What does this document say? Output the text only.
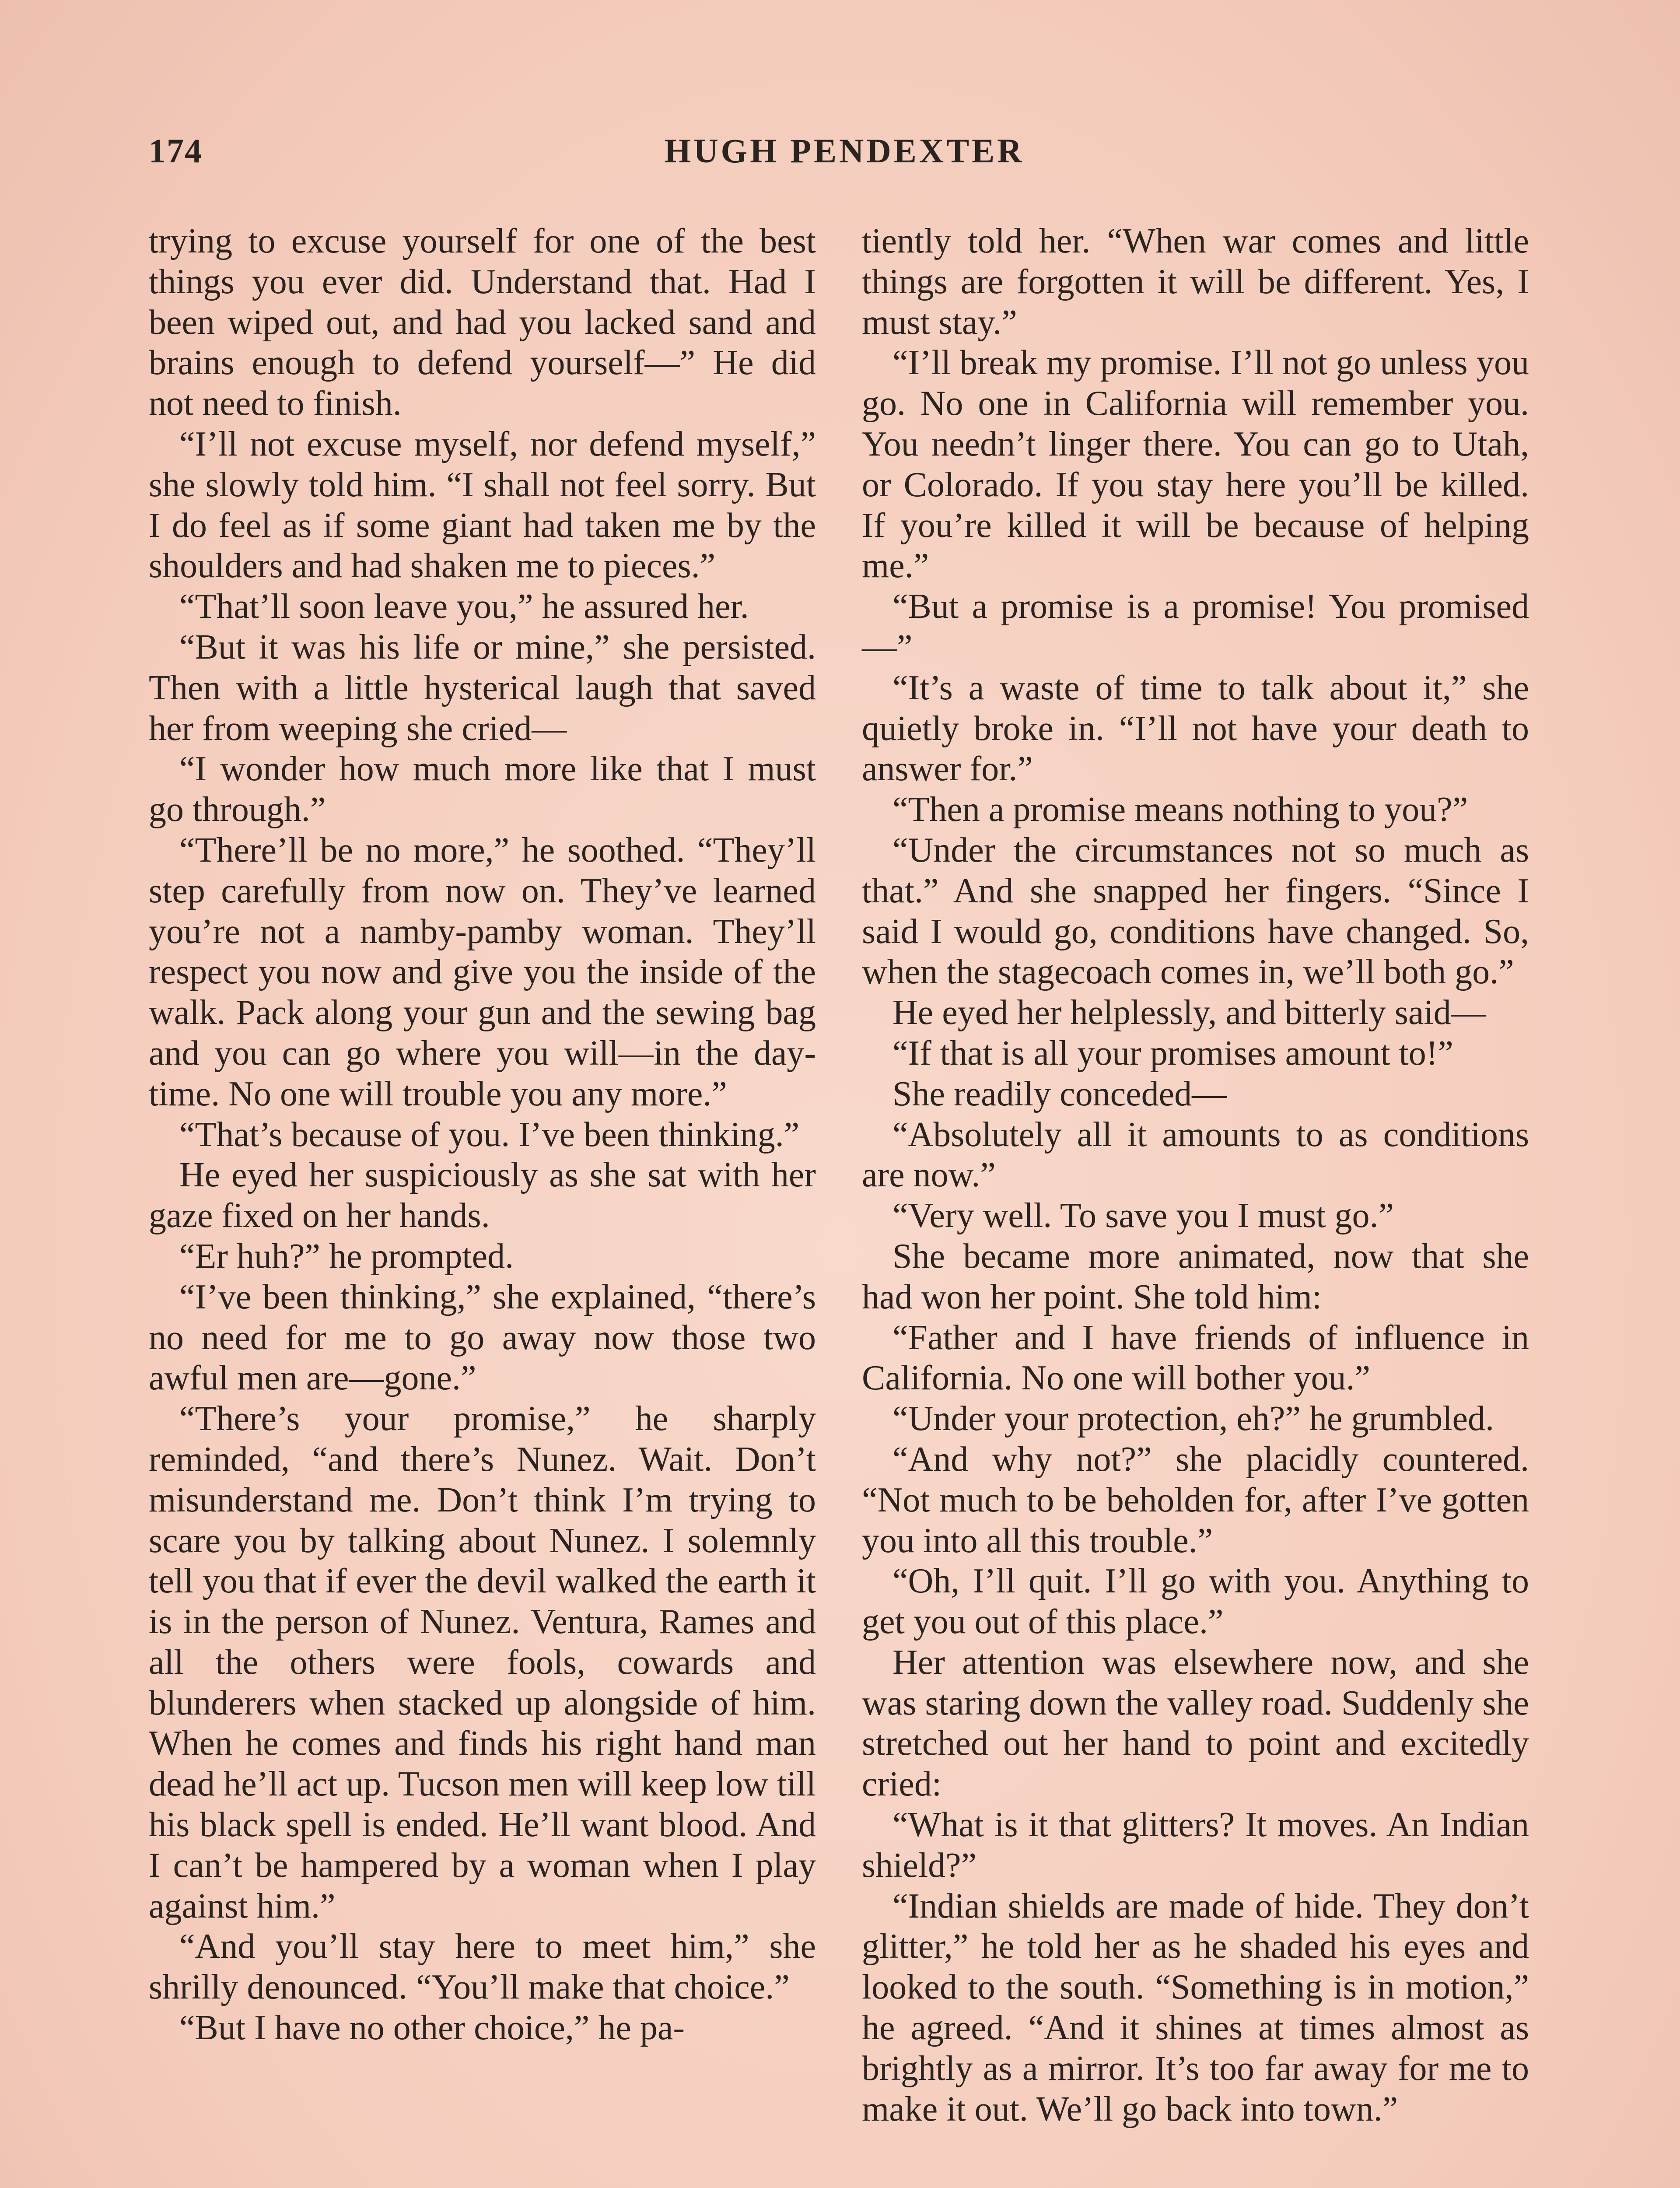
174	HUGH PENDEXTER

trying to excuse yourself for one of the best things you ever did. Understand that. Had I been wiped out, and had you lacked sand and brains enough to defend yourself—” He did not need to finish.

“I’ll not excuse myself, nor defend myself,” she slowly told him. “I shall not feel sorry. But I do feel as if some giant had taken me by the shoulders and had shaken me to pieces.”

“That’ll soon leave you,” he assured her.

“But it was his life or mine,” she persisted. Then with a little hysterical laugh that saved her from weeping she cried—

“I wonder how much more like that I must go through.”

“There’ll be no more,” he soothed. “They’ll step carefully from now on. They’ve learned you’re not a namby-pamby woman. They’ll respect you now and give you the inside of the walk. Pack along your gun and the sewing bag and you can go where you will—in the day-time. No one will trouble you any more.”

“That’s because of you. I’ve been thinking.”

He eyed her suspiciously as she sat with her gaze fixed on her hands.

“Er huh?” he prompted.

“I’ve been thinking,” she explained, “there’s no need for me to go away now those two awful men are—gone.”

“There’s your promise,” he sharply reminded, “and there’s Nunez. Wait. Don’t misunderstand me. Don’t think I’m trying to scare you by talking about Nunez. I solemnly tell you that if ever the devil walked the earth it is in the person of Nunez. Ventura, Rames and all the others were fools, cowards and blunderers when stacked up alongside of him. When he comes and finds his right hand man dead he’ll act up. Tucson men will keep low till his black spell is ended. He’ll want blood. And I can’t be hampered by a woman when I play against him.”

“And you’ll stay here to meet him,” she shrilly denounced. “You’ll make that choice.”

“But I have no other choice,” he pa-

tiently told her. “When war comes and little things are forgotten it will be different. Yes, I must stay.”

“I’ll break my promise. I’ll not go unless you go. No one in California will remember you. You needn’t linger there. You can go to Utah, or Colorado. If you stay here you’ll be killed. If you’re killed it will be because of helping me.”

“But a promise is a promise! You promised—”

“It’s a waste of time to talk about it,” she quietly broke in. “I’ll not have your death to answer for.”

“Then a promise means nothing to you?”

“Under the circumstances not so much as that.” And she snapped her fingers. “Since I said I would go, conditions have changed. So, when the stagecoach comes in, we’ll both go.”

He eyed her helplessly, and bitterly said—

“If that is all your promises amount to!”

She readily conceded—

“Absolutely all it amounts to as conditions are now.”

“Very well. To save you I must go.”

She became more animated, now that she had won her point. She told him:

“Father and I have friends of influence in California. No one will bother you.”

“Under your protection, eh?” he grumbled.

“And why not?” she placidly countered. “Not much to be beholden for, after I’ve gotten you into all this trouble.”

“Oh, I’ll quit. I’ll go with you. Anything to get you out of this place.”

Her attention was elsewhere now, and she was staring down the valley road. Suddenly she stretched out her hand to point and excitedly cried:

“What is it that glitters? It moves. An Indian shield?”

“Indian shields are made of hide. They don’t glitter,” he told her as he shaded his eyes and looked to the south. “Something is in motion,” he agreed. “And it shines at times almost as brightly as a mirror. It’s too far away for me to make it out. We’ll go back into town.”
